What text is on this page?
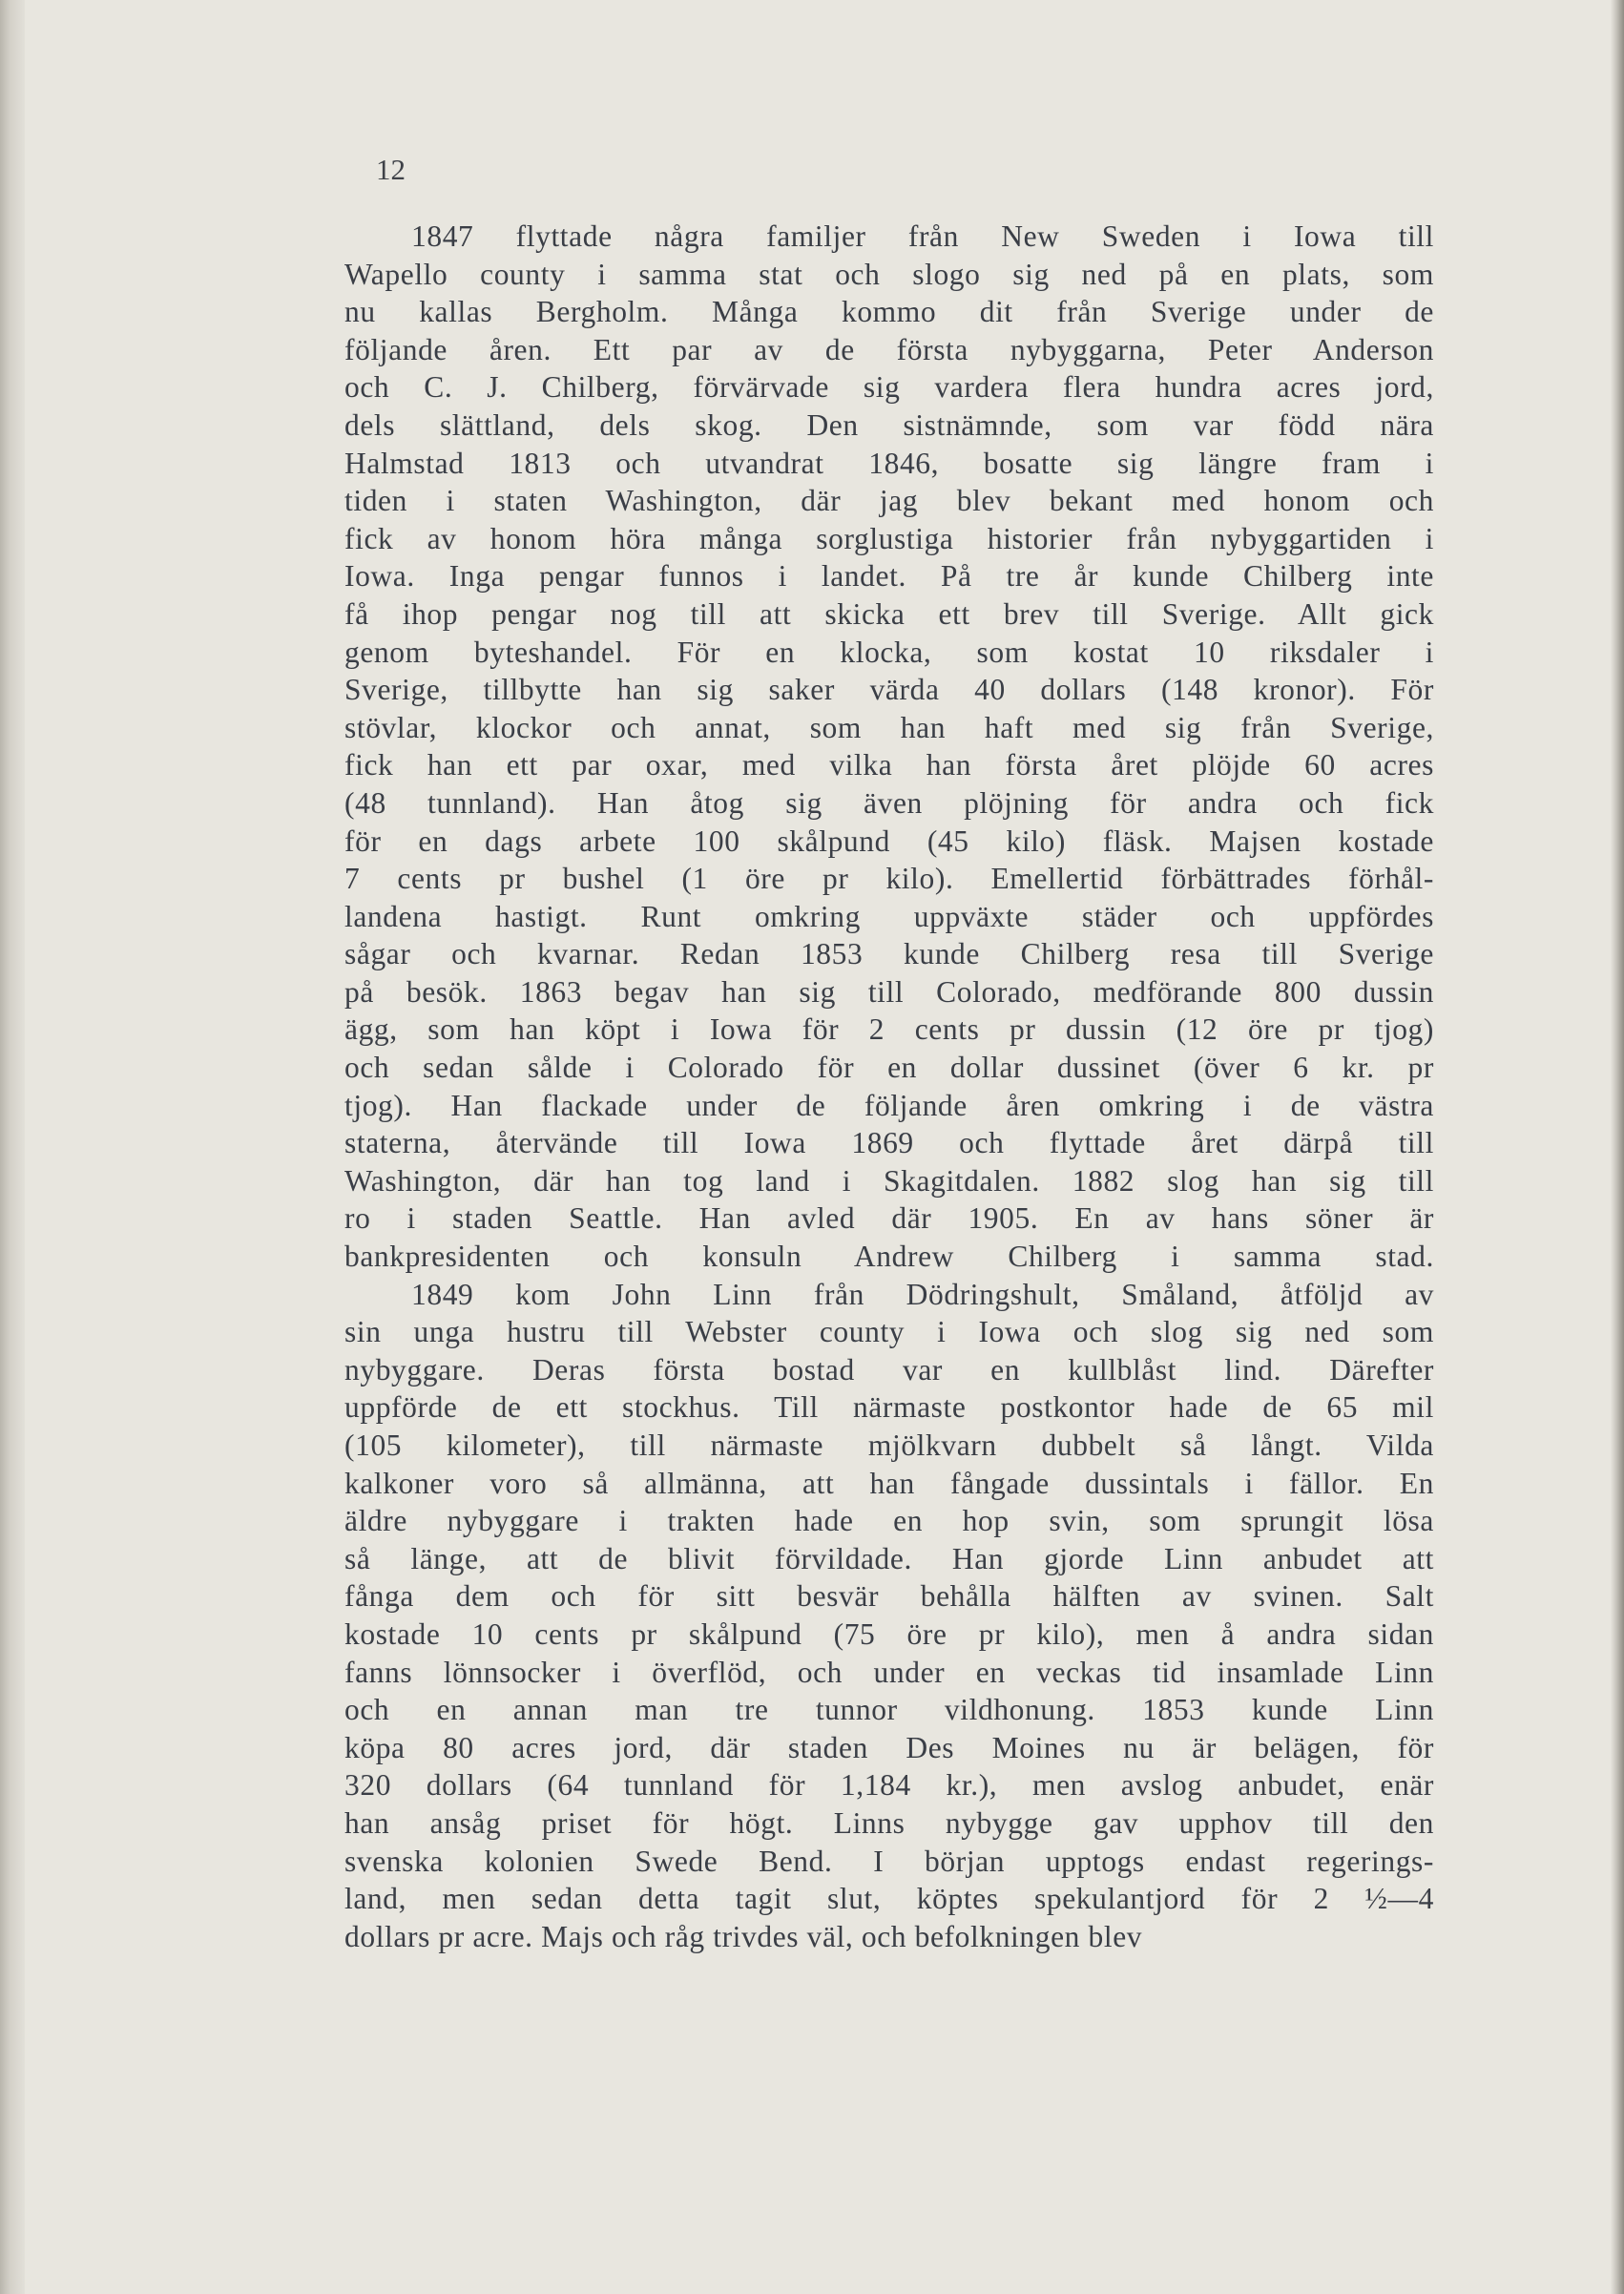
12

1847 flyttade några familjer från New Sweden i Iowa till
Wapello county i samma stat och slogo sig ned på en plats, som
nu kallas Bergholm. Många kommo dit från Sverige under de
följande åren. Ett par av de första nybyggarna, Peter Anderson
och C. J. Chilberg, förvärvade sig vardera flera hundra acres jord,
dels slättland, dels skog. Den sistnämnde, som var född nära
Halmstad 1813 och utvandrat 1846, bosatte sig längre fram i
tiden i staten Washington, där jag blev bekant med honom och
fick av honom höra många sorglustiga historier från nybyggartiden i
Iowa. Inga pengar funnos i landet. På tre år kunde Chilberg inte
få ihop pengar nog till att skicka ett brev till Sverige. Allt gick
genom byteshandel. För en klocka, som kostat 10 riksdaler i
Sverige, tillbytte han sig saker värda 40 dollars (148 kronor). För
stövlar, klockor och annat, som han haft med sig från Sverige,
fick han ett par oxar, med vilka han första året plöjde 60 acres
(48 tunnland). Han åtog sig även plöjning för andra och fick
för en dags arbete 100 skålpund (45 kilo) fläsk. Majsen kostade
7 cents pr bushel (1 öre pr kilo). Emellertid förbättrades förhål-
landena hastigt. Runt omkring uppväxte städer och uppfördes
sågar och kvarnar. Redan 1853 kunde Chilberg resa till Sverige
på besök. 1863 begav han sig till Colorado, medförande 800 dussin
ägg, som han köpt i Iowa för 2 cents pr dussin (12 öre pr tjog)
och sedan sålde i Colorado för en dollar dussinet (över 6 kr. pr
tjog). Han flackade under de följande åren omkring i de västra
staterna, återvände till Iowa 1869 och flyttade året därpå till
Washington, där han tog land i Skagitdalen. 1882 slog han sig till
ro i staden Seattle. Han avled där 1905. En av hans söner är
bankpresidenten och konsuln Andrew Chilberg i samma stad.
1849 kom John Linn från Dödringshult, Småland, åtföljd av
sin unga hustru till Webster county i Iowa och slog sig ned som
nybyggare. Deras första bostad var en kullblåst lind. Därefter
uppförde de ett stockhus. Till närmaste postkontor hade de 65 mil
(105 kilometer), till närmaste mjölkvarn dubbelt så långt. Vilda
kalkoner voro så allmänna, att han fångade dussintals i fällor. En
äldre nybyggare i trakten hade en hop svin, som sprungit lösa
så länge, att de blivit förvildade. Han gjorde Linn anbudet att
fånga dem och för sitt besvär behålla hälften av svinen. Salt
kostade 10 cents pr skålpund (75 öre pr kilo), men å andra sidan
fanns lönnsocker i överflöd, och under en veckas tid insamlade Linn
och en annan man tre tunnor vildhonung. 1853 kunde Linn
köpa 80 acres jord, där staden Des Moines nu är belägen, för
320 dollars (64 tunnland för 1,184 kr.), men avslog anbudet, enär
han ansåg priset för högt. Linns nybygge gav upphov till den
svenska kolonien Swede Bend. I början upptogs endast regerings-
land, men sedan detta tagit slut, köptes spekulantjord för 2 ½—4
dollars pr acre. Majs och råg trivdes väl, och befolkningen blev
